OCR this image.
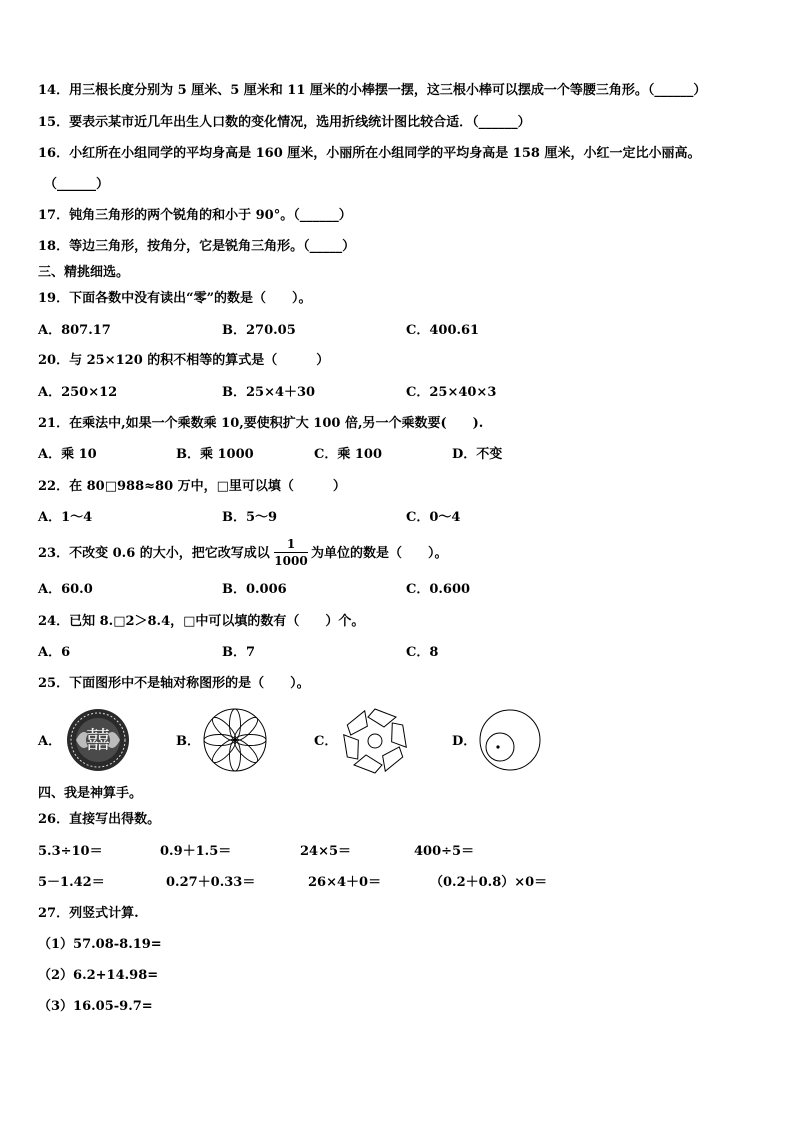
14．用三根长度分别为 5 厘米、5 厘米和 11 厘米的小棒摆一摆，这三根小棒可以摆成一个等腰三角形。（______）
15．要表示某市近几年出生人口数的变化情况，选用折线统计图比较合适．（______）
16．小红所在小组同学的平均身高是 160 厘米，小丽所在小组同学的平均身高是 158 厘米，小红一定比小丽高。
（______）
17．钝角三角形的两个锐角的和小于 90°。（______）
18．等边三角形，按角分，它是锐角三角形。（_____）
三、精挑细选。
19．下面各数中没有读出“零”的数是（　　）。
A．807.17	B．270.05	C．400.61
20．与 25×120 的积不相等的算式是（　　　）
A．250×12	B．25×4＋30	C．25×40×3
21．在乘法中,如果一个乘数乘 10,要使积扩大 100 倍,另一个乘数要(　　).
A．乘 10	B．乘 1000	C．乘 100	D．不变
22．在 80□988≈80 万中，□里可以填（　　　）
A．1～4	B．5～9	C．0～4
23．不改变 0.6 的大小，把它改写成以
1
1000 为单位的数是（　　）。
A．60.0	B．0.006	C．0.600
24．已知 8.□2＞8.4，□中可以填的数有（　　）个。
A．6	B．7	C．8
25．下面图形中不是轴对称图形的是（　　）。
A． 囍	B．	C．	D．
四、我是神算手。
26．直接写出得数。
5.3÷10＝	0.9＋1.5＝	24×5＝	400÷5＝
5－1.42＝	0.27＋0.33＝	26×4＋0＝	（0.2＋0.8）×0＝
27．列竖式计算.
（1）57.08-8.19=
（2）6.2+14.98=
（3）16.05-9.7=
